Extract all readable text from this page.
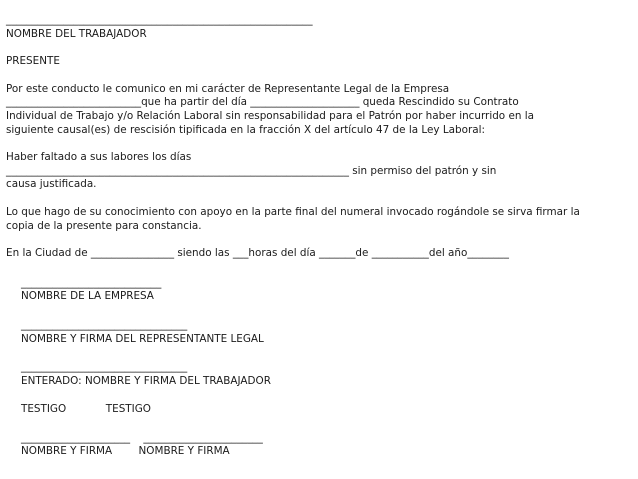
___________________________________________________________
NOMBRE DEL TRABAJADOR
PRESENTE
Por este conducto le comunico en mi carácter de Representante Legal de la Empresa
__________________________que ha partir del día _____________________ queda Rescindido su Contrato
Individual de Trabajo y/o Relación Laboral sin responsabilidad para el Patrón por haber incurrido en la
siguiente causal(es) de rescisión tipificada en la fracción X del artículo 47 de la Ley Laboral:
Haber faltado a sus labores los días
__________________________________________________________________ sin permiso del patrón y sin
causa justificada.
Lo que hago de su conocimiento con apoyo en la parte final del numeral invocado rogándole se sirva firmar la
copia de la presente para constancia.
En la Ciudad de ________________ siendo las ___horas del día _______de ___________del año________
___________________________
NOMBRE DE LA EMPRESA
________________________________
NOMBRE Y FIRMA DEL REPRESENTANTE LEGAL
________________________________
ENTERADO: NOMBRE Y FIRMA DEL TRABAJADOR
TESTIGO            TESTIGO
_____________________    _______________________
NOMBRE Y FIRMA        NOMBRE Y FIRMA
